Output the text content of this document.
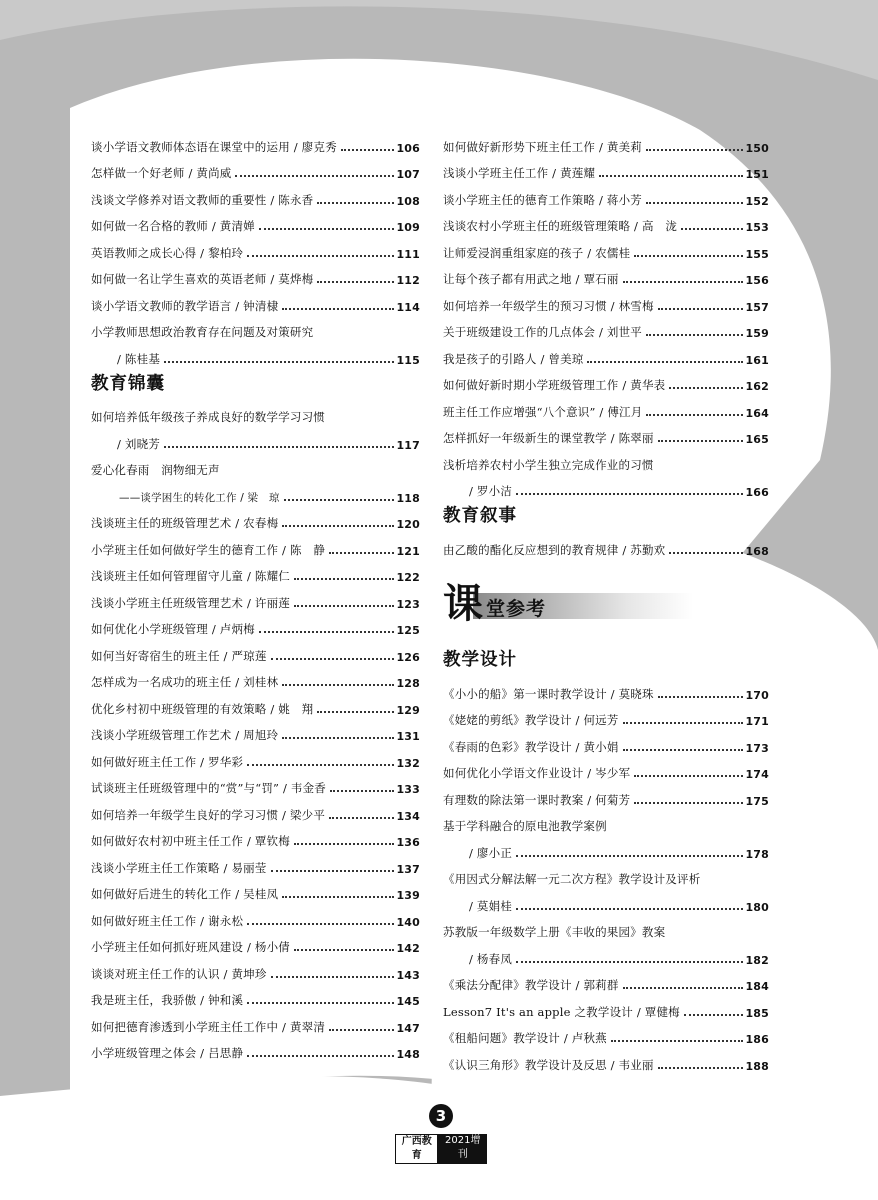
谈小学语文教师体态语在课堂中的运用 / 廖克秀	106
怎样做一个好老师 / 黄尚威	107
浅谈文学修养对语文教师的重要性 / 陈永香	108
如何做一名合格的教师 / 黄清婵	109
英语教师之成长心得 / 黎柏玲	111
如何做一名让学生喜欢的英语老师 / 莫烨梅	112
谈小学语文教师的教学语言 / 钟清棣	114
小学教师思想政治教育存在问题及对策研究
/ 陈桂基	115
教育锦囊
如何培养低年级孩子养成良好的数学学习习惯
/ 刘晓芳	117
爱心化春雨　润物细无声
——谈学困生的转化工作 / 梁　琼	118
浅谈班主任的班级管理艺术 / 农春梅	120
小学班主任如何做好学生的德育工作 / 陈　静	121
浅谈班主任如何管理留守儿童 / 陈耀仁	122
浅谈小学班主任班级管理艺术 / 许丽莲	123
如何优化小学班级管理 / 卢炳梅	125
如何当好寄宿生的班主任 / 严琼莲	126
怎样成为一名成功的班主任 / 刘桂林	128
优化乡村初中班级管理的有效策略 / 姚　翔	129
浅谈小学班级管理工作艺术 / 周旭玲	131
如何做好班主任工作 / 罗华彩	132
试谈班主任班级管理中的“赏”与“罚” / 韦金香	133
如何培养一年级学生良好的学习习惯 / 梁少平	134
如何做好农村初中班主任工作 / 覃钦梅	136
浅谈小学班主任工作策略 / 易丽莹	137
如何做好后进生的转化工作 / 吴桂凤	139
如何做好班主任工作 / 谢永松	140
小学班主任如何抓好班风建设 / 杨小倩	142
谈谈对班主任工作的认识 / 黄坤珍	143
我是班主任，我骄傲 / 钟和溪	145
如何把德育渗透到小学班主任工作中 / 黄翠清	147
小学班级管理之体会 / 吕思静	148
如何做好新形势下班主任工作 / 黄美莉	150
浅谈小学班主任工作 / 黄莲耀	151
谈小学班主任的德育工作策略 / 蒋小芳	152
浅谈农村小学班主任的班级管理策略 / 高　泷	153
让师爱浸润重组家庭的孩子 / 农儒桂	155
让每个孩子都有用武之地 / 覃石丽	156
如何培养一年级学生的预习习惯 / 林雪梅	157
关于班级建设工作的几点体会 / 刘世平	159
我是孩子的引路人 / 曾美琼	161
如何做好新时期小学班级管理工作 / 黄华表	162
班主任工作应增强“八个意识” / 傅江月	164
怎样抓好一年级新生的课堂教学 / 陈翠丽	165
浅析培养农村小学生独立完成作业的习惯
/ 罗小洁	166
教育叙事
由乙酸的酯化反应想到的教育规律 / 苏勤欢	168
课 堂参考
教学设计
《小小的船》第一课时教学设计 / 莫晓珠	170
《姥姥的剪纸》教学设计 / 何远芳	171
《春雨的色彩》教学设计 / 黄小娟	173
如何优化小学语文作业设计 / 岑少军	174
有理数的除法第一课时教案 / 何菊芳	175
基于学科融合的原电池教学案例
/ 廖小正	178
《用因式分解法解一元二次方程》教学设计及评析
/ 莫娟桂	180
苏教版一年级数学上册《丰收的果园》教案
/ 杨春凤	182
《乘法分配律》教学设计 / 郭莉群	184
Lesson7 It's an apple 之教学设计 / 覃健梅	185
《租船问题》教学设计 / 卢秋燕	186
《认识三角形》教学设计及反思 / 韦业丽	188
3
广西教育
2021增刊
